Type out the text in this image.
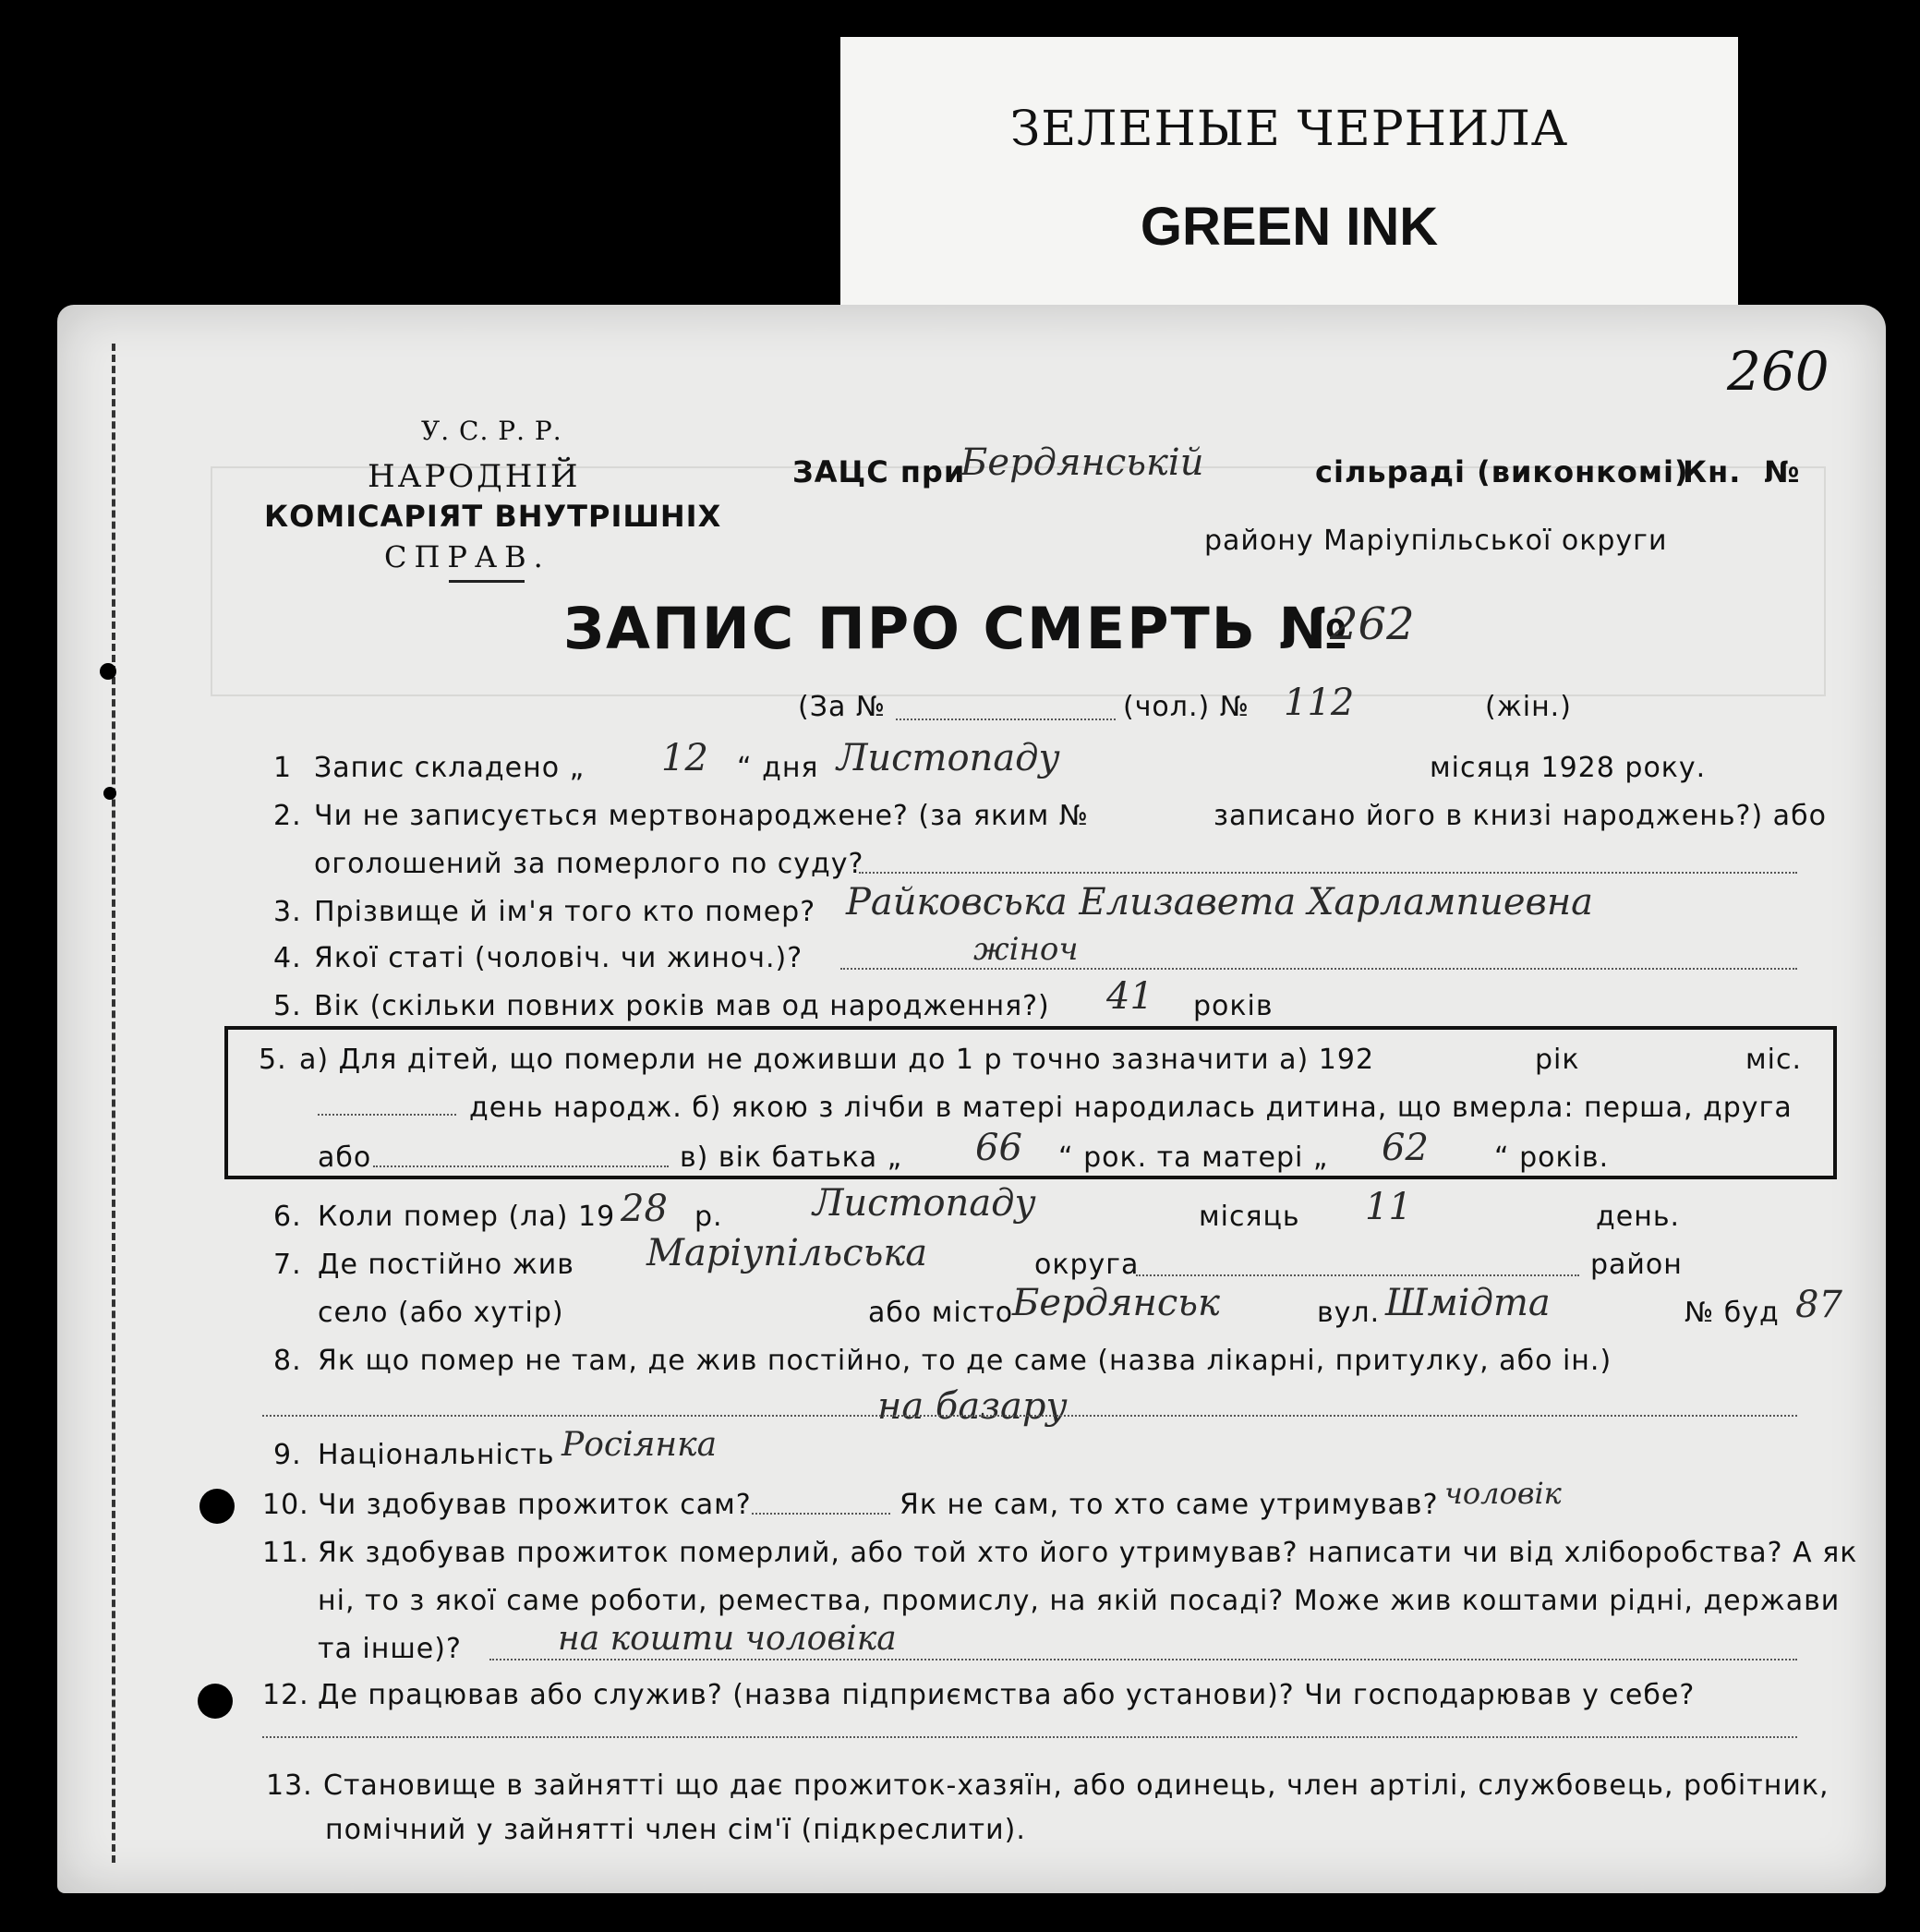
ЗЕЛЕНЫЕ ЧЕРНИЛА
GREEN INK
260
У. С. Р. Р.
НАРОДНІЙ
КОМІСАРІЯТ ВНУТРІШНІХ
СПРАВ.
ЗАЦС при
Бердянськiй	сільраді (виконкомі)
Кн. №
району Маріупільської округи
ЗАПИС ПРО СМЕРТЬ №
262
(За №	(чол.) № 112	(жін.)
1 Запис складено „ 12 “ дня Листопаду	місяця 1928 року.
2. Чи не записується мертвонароджене? (за яким №	записано його в книзі народжень?) або
оголошений за померлого по суду?
3. Прізвище й ім'я того кто помер? Райковська Елизавета Харлампиевна
4. Якої статі (чоловіч. чи жиноч.)?	жiноч
5. Вік (скільки повних років мав од народження?) 41 років
5. а) Для дітей, що померли не доживши до 1 р точно зазначити а) 192	рік	міс.
день народж. б) якою з лічби в матері народилась дитина, що вмерла: перша, друга
або	в) вік батька „ 66 “ рок. та матері „ 62 “ років.
6. Коли помер (ла) 19 28 р. Листопаду	місяць 11	день.
7. Де постійно жив Маріупільська	округа	район
село (або хутір)	або місто
Бердянськ	вул. Шмідта	№ буд 87
8. Як що помер не там, де жив постійно, то де саме (назва лікарні, притулку, або ін.)
на базару
9. Національність Росіянка
10. Чи здобував прожиток сам?	Як не сам, то хто саме утримував? чоловік
11. Як здобував прожиток померлий, або той хто його утримував? написати чи від хліборобства? А як
ні, то з якої саме роботи, ремества, промислу, на якій посаді? Може жив коштами рідні, держави
та інше)?	на кошти чоловіка
12. Де працював або служив? (назва підприємства або установи)? Чи господарював у себе?
13. Становище в зайнятті що дає прожиток-хазяїн, або одинець, член артілі, службовець, робітник,
помічний у зайнятті член сім'ї (підкреслити).
